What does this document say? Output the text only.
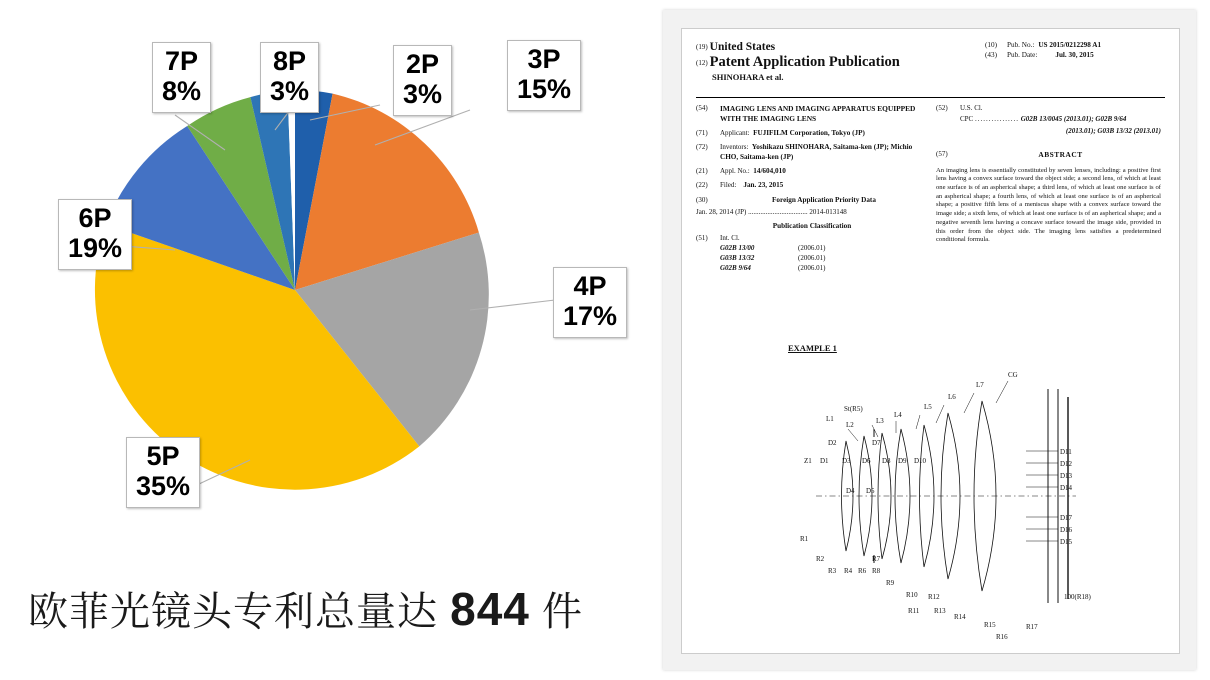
7P
8%
8P
3%
2P
3%
3P
15%
4P
17%
5P
35%
6P
19%
欧菲光镜头专利总量达 844 件
(19) United States
(12) Patent Application Publication
SHINOHARA et al.
(10)	Pub. No.: US 2015/0212298 A1
(43)	Pub. Date:	Jul. 30, 2015
(54)	IMAGING LENS AND IMAGING APPARATUS EQUIPPED WITH THE IMAGING LENS
(71)	Applicant: FUJIFILM Corporation, Tokyo (JP)
(72)	Inventors: Yoshikazu SHINOHARA, Saitama-ken (JP); Michio CHO, Saitama-ken (JP)
(21)	Appl. No.: 14/604,010
(22)	Filed: Jan. 23, 2015
(30)	Foreign Application Priority Data
Jan. 28, 2014 (JP) .................................. 2014-013148
Publication Classification
(51)	Int. Cl.
G02B 13/00	(2006.01)
G03B 13/32	(2006.01)
G02B 9/64	(2006.01)
(52)	U.S. Cl.
CPC ................ G02B 13/0045 (2013.01); G02B 9/64
(2013.01); G03B 13/32 (2013.01)
(57)	ABSTRACT
An imaging lens is essentially constituted by seven lenses, including: a positive first lens having a convex surface toward the object side; a second lens, of which at least one surface is of an aspherical shape; a third lens, of which at least one surface is of an aspherical shape; a fourth lens, of which at least one surface is of an aspherical shape; a positive fifth lens of a meniscus shape with a convex surface toward the image side; a sixth lens, of which at least one surface is of an aspherical shape; and a negative seventh lens having a concave surface toward the image side, provided in this order from the object side. The imaging lens satisfies a predetermined conditional formula.
EXAMPLE 1
CG
L7
L6
L5
L4
L3
L2
L1
St(R5)
Z1 D1
D2
D3
D4 D5
D6
D7
D8 D9 D10
D11
D12
D13
D14
D17
D16
D15
R1
R2
R3 R4 R6
R7
R8
R9
R10
R11
R12
R13
R14
R15
R16
R17
100(R18)
